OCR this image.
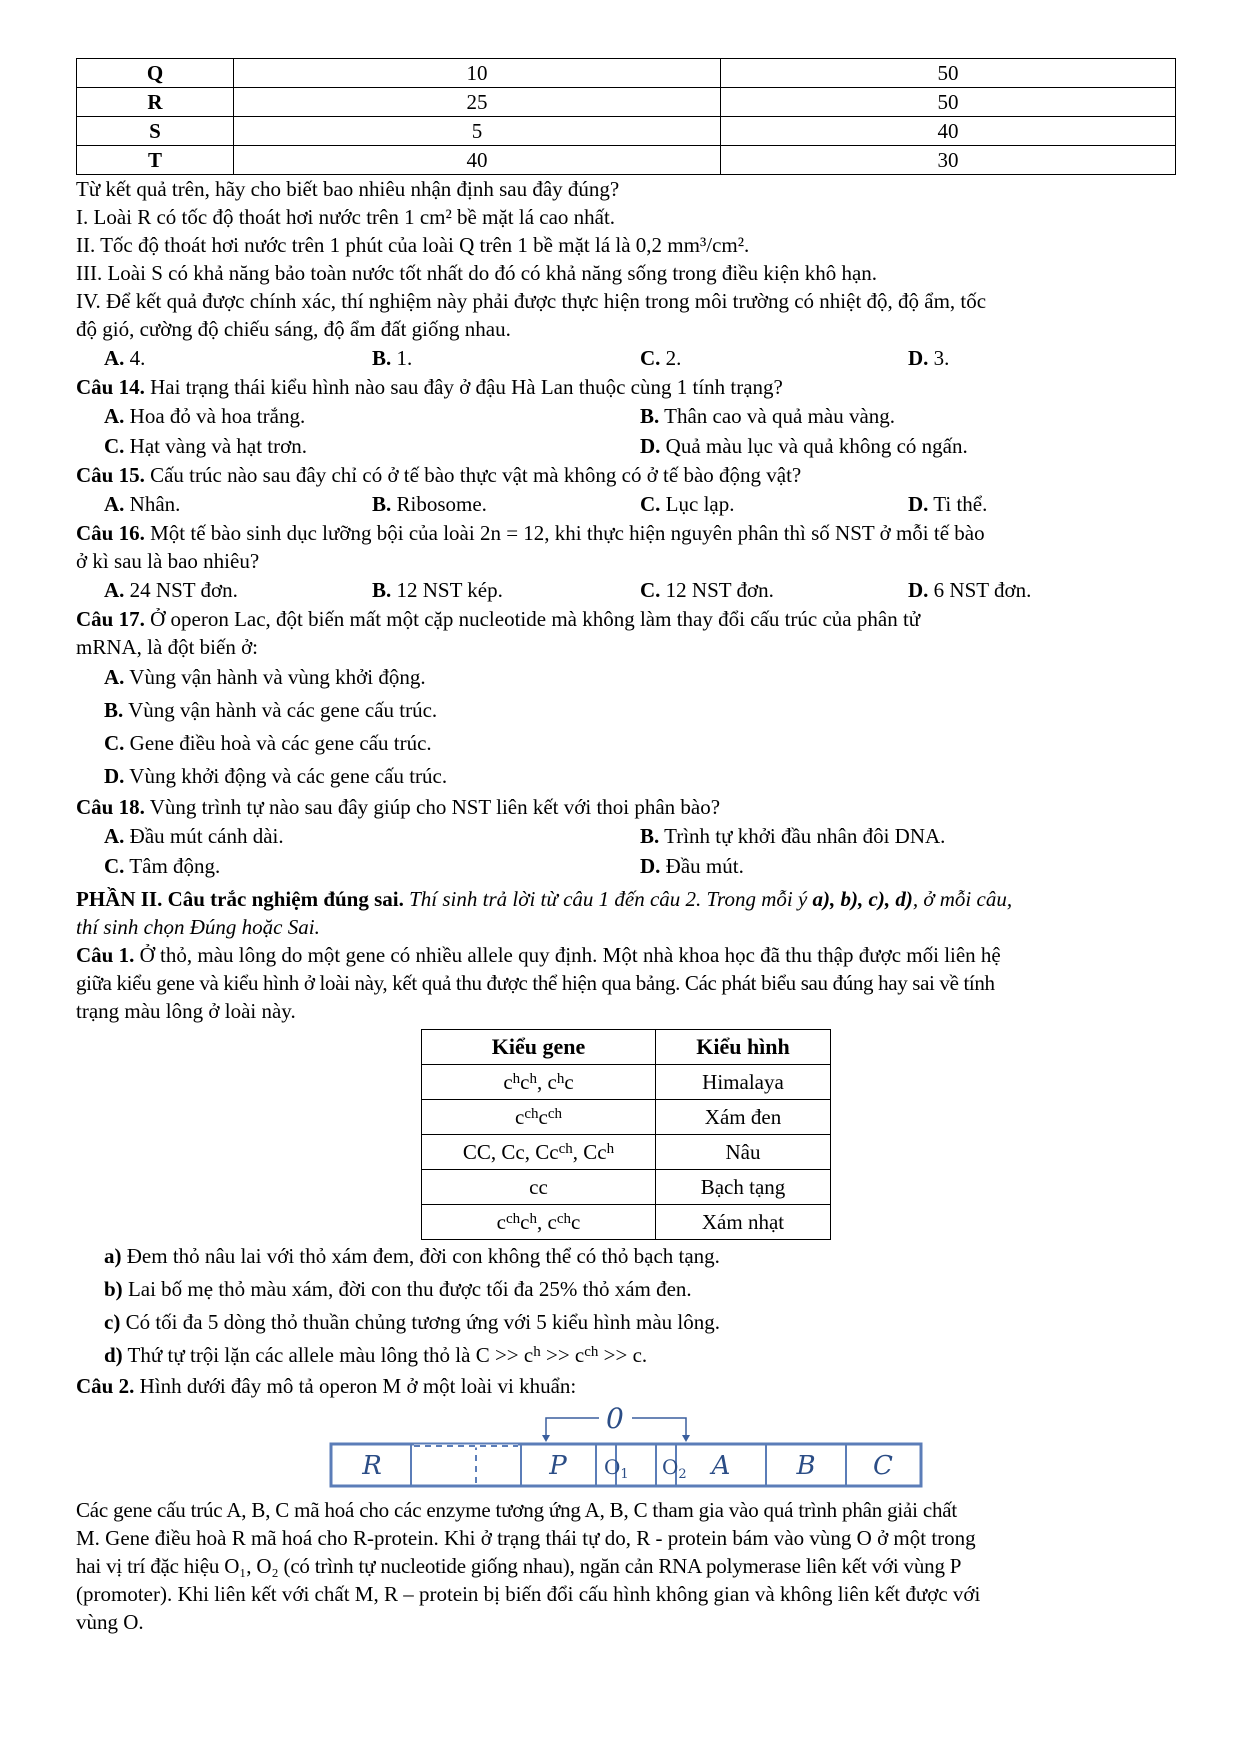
Q	10	50
R	25	50
S	5	40
T	40	30
Từ kết quả trên, hãy cho biết bao nhiêu nhận định sau đây đúng?
I. Loài R có tốc độ thoát hơi nước trên 1 cm² bề mặt lá cao nhất.
II. Tốc độ thoát hơi nước trên 1 phút của loài Q trên 1 bề mặt lá là 0,2 mm³/cm².
III. Loài S có khả năng bảo toàn nước tốt nhất do đó có khả năng sống trong điều kiện khô hạn.
IV. Để kết quả được chính xác, thí nghiệm này phải được thực hiện trong môi trường có nhiệt độ, độ ẩm, tốc
độ gió, cường độ chiếu sáng, độ ẩm đất giống nhau.
A. 4.	B. 1.	C. 2.	D. 3.
Câu 14. Hai trạng thái kiểu hình nào sau đây ở đậu Hà Lan thuộc cùng 1 tính trạng?
A. Hoa đỏ và hoa trắng.	B. Thân cao và quả màu vàng.
C. Hạt vàng và hạt trơn.	D. Quả màu lục và quả không có ngấn.
Câu 15. Cấu trúc nào sau đây chỉ có ở tế bào thực vật mà không có ở tế bào động vật?
A. Nhân.	B. Ribosome.	C. Lục lạp.	D. Ti thể.
Câu 16. Một tế bào sinh dục lưỡng bội của loài 2n = 12, khi thực hiện nguyên phân thì số NST ở mỗi tế bào
ở kì sau là bao nhiêu?
A. 24 NST đơn.	B. 12 NST kép.	C. 12 NST đơn.	D. 6 NST đơn.
Câu 17. Ở operon Lac, đột biến mất một cặp nucleotide mà không làm thay đổi cấu trúc của phân tử
mRNA, là đột biến ở:
A. Vùng vận hành và vùng khởi động.
B. Vùng vận hành và các gene cấu trúc.
C. Gene điều hoà và các gene cấu trúc.
D. Vùng khởi động và các gene cấu trúc.
Câu 18. Vùng trình tự nào sau đây giúp cho NST liên kết với thoi phân bào?
A. Đầu mút cánh dài.	B. Trình tự khởi đầu nhân đôi DNA.
C. Tâm động.	D. Đầu mút.
PHẦN II. Câu trắc nghiệm đúng sai. Thí sinh trả lời từ câu 1 đến câu 2. Trong mỗi ý a), b), c), d), ở mỗi câu,
thí sinh chọn Đúng hoặc Sai.
Câu 1. Ở thỏ, màu lông do một gene có nhiều allele quy định. Một nhà khoa học đã thu thập được mối liên hệ
giữa kiểu gene và kiểu hình ở loài này, kết quả thu được thể hiện qua bảng. Các phát biểu sau đúng hay sai về tính
trạng màu lông ở loài này.
Kiểu gene	Kiểu hình
$c^hc^h$, $c^hc$	Himalaya
$c^{ch}c^{ch}$	Xám đen
CC, Cc, $Cc^{ch}$, Cc$^h$	Nâu
cc	Bạch tạng
$c^{ch}c^h$, $c^{ch}c$	Xám nhạt
a) Đem thỏ nâu lai với thỏ xám đem, đời con không thể có thỏ bạch tạng.
b) Lai bố mẹ thỏ màu xám, đời con thu được tối đa 25% thỏ xám đen.
c) Có tối đa 5 dòng thỏ thuần chủng tương ứng với 5 kiểu hình màu lông.
d) Thứ tự trội lặn các allele màu lông thỏ là $C >> c^h >> c^{ch} >> c$.
Câu 2. Hình dưới đây mô tả operon M ở một loài vi khuẩn:
0
R	P $O_1$ $O_2$ A	B C
Các gene cấu trúc A, B, C mã hoá cho các enzyme tương ứng A, B, C tham gia vào quá trình phân giải chất
M. Gene điều hoà R mã hoá cho R-protein. Khi ở trạng thái tự do, R - protein bám vào vùng O ở một trong
hai vị trí đặc hiệu O₁, O₂ (có trình tự nucleotide giống nhau), ngăn cản RNA polymerase liên kết với vùng P
(promoter). Khi liên kết với chất M, R – protein bị biến đổi cấu hình không gian và không liên kết được với
vùng O.
